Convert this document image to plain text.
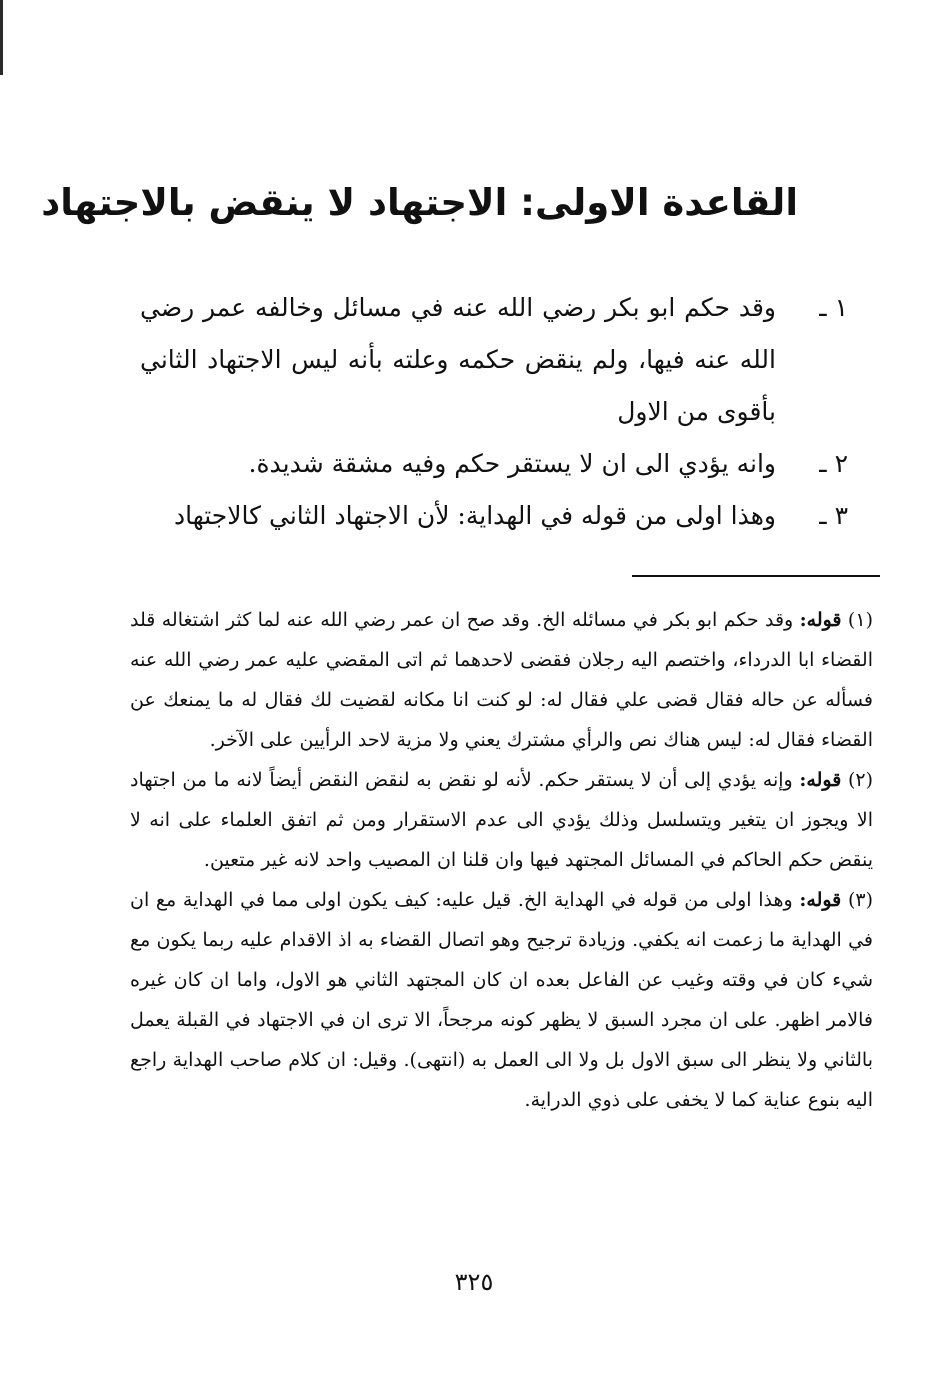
القاعدة الاولى: الاجتهاد لا ينقض بالاجتهاد
١ ـ
وقد حكم ابو بكر رضي الله عنه في مسائل وخالفه عمر رضي الله عنه فيها، ولم ينقض حكمه وعلته بأنه ليس الاجتهاد الثاني بأقوى من الاول
٢ ـ
وانه يؤدي الى ان لا يستقر حكم وفيه مشقة شديدة.
٣ ـ
وهذا اولى من قوله في الهداية: لأن الاجتهاد الثاني كالاجتهاد

(١) قوله: وقد حكم ابو بكر في مسائله الخ. وقد صح ان عمر رضي الله عنه لما كثر اشتغاله قلد القضاء ابا الدرداء، واختصم اليه رجلان فقضى لاحدهما ثم اتى المقضي عليه عمر رضي الله عنه فسأله عن حاله فقال قضى علي فقال له: لو كنت انا مكانه لقضيت لك فقال له ما يمنعك عن القضاء فقال له: ليس هناك نص والرأي مشترك يعني ولا مزية لاحد الرأيين على الآخر.

(٢) قوله: وإنه يؤدي إلى أن لا يستقر حكم. لأنه لو نقض به لنقض النقض أيضاً لانه ما من اجتهاد الا ويجوز ان يتغير ويتسلسل وذلك يؤدي الى عدم الاستقرار ومن ثم اتفق العلماء على انه لا ينقض حكم الحاكم في المسائل المجتهد فيها وان قلنا ان المصيب واحد لانه غير متعين.

(٣) قوله: وهذا اولى من قوله في الهداية الخ. قيل عليه: كيف يكون اولى مما في الهداية مع ان في الهداية ما زعمت انه يكفي. وزيادة ترجيح وهو اتصال القضاء به اذ الاقدام عليه ربما يكون مع شيء كان في وقته وغيب عن الفاعل بعده ان كان المجتهد الثاني هو الاول، واما ان كان غيره فالامر اظهر. على ان مجرد السبق لا يظهر كونه مرجحاً، الا ترى ان في الاجتهاد في القبلة يعمل بالثاني ولا ينظر الى سبق الاول بل ولا الى العمل به (انتهى). وقيل: ان كلام صاحب الهداية راجع اليه بنوع عناية كما لا يخفى على ذوي الدراية.

٣٢٥
